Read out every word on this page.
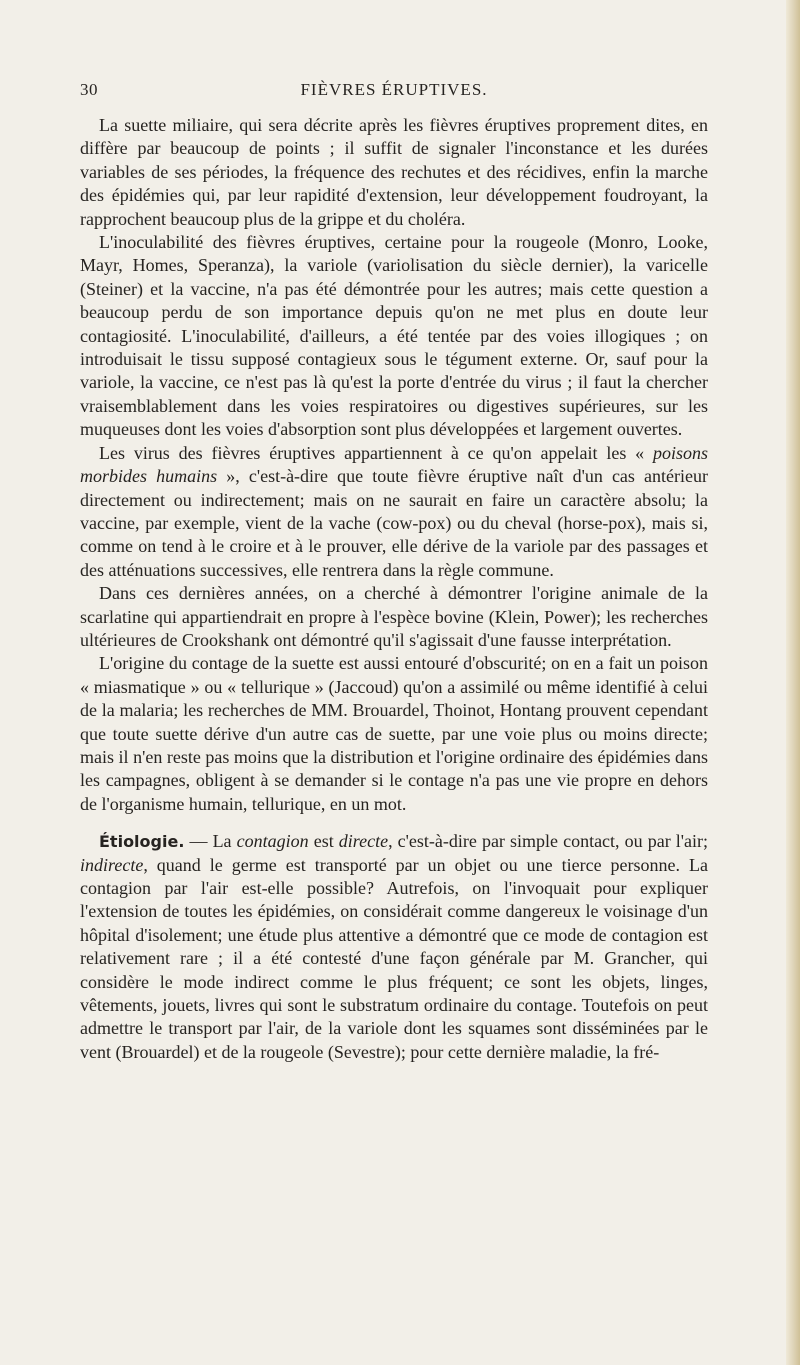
30	FIÈVRES ÉRUPTIVES.

La suette miliaire, qui sera décrite après les fièvres éruptives proprement dites, en diffère par beaucoup de points ; il suffit de signaler l'inconstance et les durées variables de ses périodes, la fréquence des rechutes et des récidives, enfin la marche des épidémies qui, par leur rapidité d'extension, leur développement foudroyant, la rapprochent beaucoup plus de la grippe et du choléra.

L'inoculabilité des fièvres éruptives, certaine pour la rougeole (Monro, Looke, Mayr, Homes, Speranza), la variole (variolisation du siècle dernier), la varicelle (Steiner) et la vaccine, n'a pas été démontrée pour les autres; mais cette question a beaucoup perdu de son importance depuis qu'on ne met plus en doute leur contagiosité. L'inoculabilité, d'ailleurs, a été tentée par des voies illogiques ; on introduisait le tissu supposé contagieux sous le tégument externe. Or, sauf pour la variole, la vaccine, ce n'est pas là qu'est la porte d'entrée du virus ; il faut la chercher vraisemblablement dans les voies respiratoires ou digestives supérieures, sur les muqueuses dont les voies d'absorption sont plus développées et largement ouvertes.

Les virus des fièvres éruptives appartiennent à ce qu'on appelait les « poisons morbides humains », c'est-à-dire que toute fièvre éruptive naît d'un cas antérieur directement ou indirectement; mais on ne saurait en faire un caractère absolu; la vaccine, par exemple, vient de la vache (cow-pox) ou du cheval (horse-pox), mais si, comme on tend à le croire et à le prouver, elle dérive de la variole par des passages et des atténuations successives, elle rentrera dans la règle commune.

Dans ces dernières années, on a cherché à démontrer l'origine animale de la scarlatine qui appartiendrait en propre à l'espèce bovine (Klein, Power); les recherches ultérieures de Crookshank ont démontré qu'il s'agissait d'une fausse interprétation.

L'origine du contage de la suette est aussi entouré d'obscurité; on en a fait un poison « miasmatique » ou « tellurique » (Jaccoud) qu'on a assimilé ou même identifié à celui de la malaria; les recherches de MM. Brouardel, Thoinot, Hontang prouvent cependant que toute suette dérive d'un autre cas de suette, par une voie plus ou moins directe; mais il n'en reste pas moins que la distribution et l'origine ordinaire des épidémies dans les campagnes, obligent à se demander si le contage n'a pas une vie propre en dehors de l'organisme humain, tellurique, en un mot.

Étiologie. — La contagion est directe, c'est-à-dire par simple contact, ou par l'air; indirecte, quand le germe est transporté par un objet ou une tierce personne. La contagion par l'air est-elle possible? Autrefois, on l'invoquait pour expliquer l'extension de toutes les épidémies, on considérait comme dangereux le voisinage d'un hôpital d'isolement; une étude plus attentive a démontré que ce mode de contagion est relativement rare ; il a été contesté d'une façon générale par M. Grancher, qui considère le mode indirect comme le plus fréquent; ce sont les objets, linges, vêtements, jouets, livres qui sont le substratum ordinaire du contage. Toutefois on peut admettre le transport par l'air, de la variole dont les squames sont disséminées par le vent (Brouardel) et de la rougeole (Sevestre); pour cette dernière maladie, la fré-
